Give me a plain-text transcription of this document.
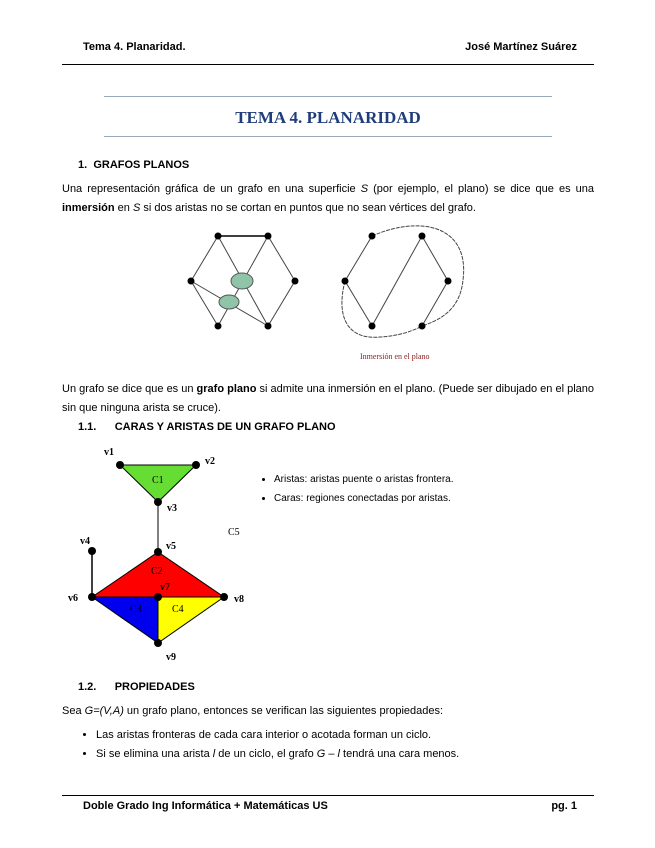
Tema 4. Planaridad.	José Martínez Suárez
TEMA 4. PLANARIDAD
1. GRAFOS PLANOS
Una representación gráfica de un grafo en una superficie S (por ejemplo, el plano) se dice que es una inmersión en S si dos aristas no se cortan en puntos que no sean vértices del grafo.
Inmersión en el plano
v1
v2
v3
v4	v5
v6
v7
v8
v9
C1
C2
C3	C4
C5
Un grafo se dice que es un grafo plano si admite una inmersión en el plano. (Puede ser dibujado en el plano sin que ninguna arista se cruce).
1.1. CARAS Y ARISTAS DE UN GRAFO PLANO
• Aristas: aristas puente o aristas frontera.
• Caras: regiones conectadas por aristas.
1.2. PROPIEDADES
Sea G=(V,A) un grafo plano, entonces se verifican las siguientes propiedades:
• Las aristas fronteras de cada cara interior o acotada forman un ciclo.
• Si se elimina una arista l de un ciclo, el grafo G – l tendrá una cara menos.
Doble Grado Ing Informática + Matemáticas US	pg. 1
